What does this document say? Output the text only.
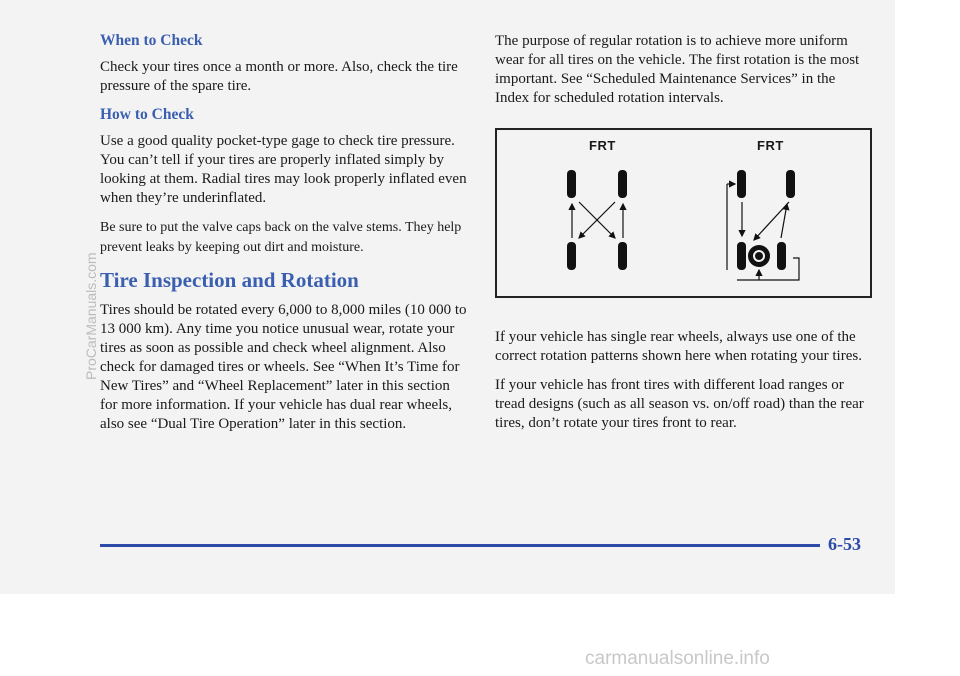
When to Check

Check your tires once a month or more. Also, check the tire pressure of the spare tire.

How to Check

Use a good quality pocket-type gage to check tire pressure. You can’t tell if your tires are properly inflated simply by looking at them. Radial tires may look properly inflated even when they’re underinflated.

Be sure to put the valve caps back on the valve stems. They help prevent leaks by keeping out dirt and moisture.

Tire Inspection and Rotation

Tires should be rotated every 6,000 to 8,000 miles (10 000 to 13 000 km). Any time you notice unusual wear, rotate your tires as soon as possible and check wheel alignment. Also check for damaged tires or wheels. See “When It’s Time for New Tires” and “Wheel Replacement” later in this section for more information. If your vehicle has dual rear wheels, also see “Dual Tire Operation” later in this section.

The purpose of regular rotation is to achieve more uniform wear for all tires on the vehicle. The first rotation is the most important. See “Scheduled Maintenance Services” in the Index for scheduled rotation intervals.

FRT	FRT

If your vehicle has single rear wheels, always use one of the correct rotation patterns shown here when rotating your tires.

If your vehicle has front tires with different load ranges or tread designs (such as all season vs. on/off road) than the rear tires, don’t rotate your tires front to rear.

6-53
ProCarManuals.com
carmanualsonline.info
